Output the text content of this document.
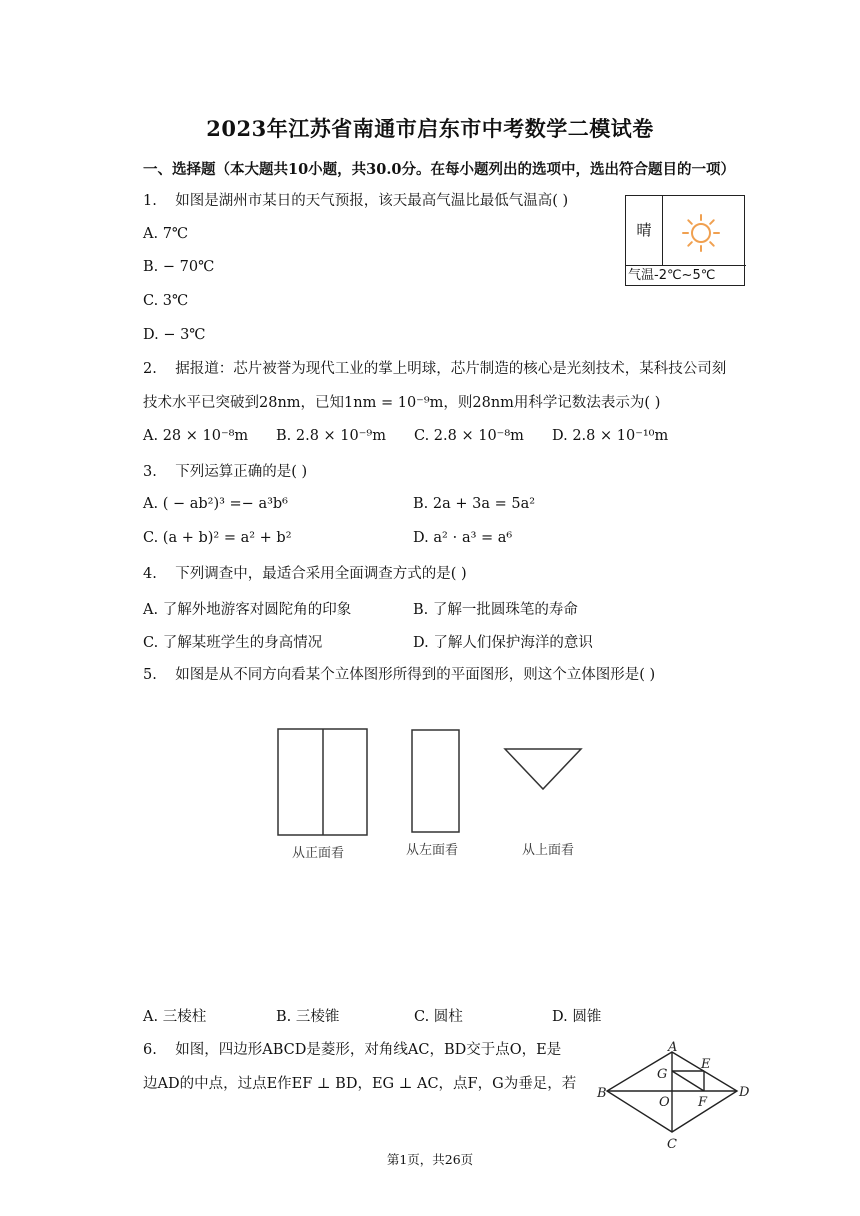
2023年江苏省南通市启东市中考数学二模试卷
一、选择题（本大题共10小题，共30.0分。在每小题列出的选项中，选出符合题目的一项）
1. 如图是湖州市某日的天气预报，该天最高气温比最低气温高( )
A. 7℃
B. − 70℃
C. 3℃
D. − 3℃
晴
气温-2℃~5℃
2. 据报道：芯片被誉为现代工业的掌上明球，芯片制造的核心是光刻技术，某科技公司刻
技术水平已突破到28nm，已知1nm = 10⁻⁹m，则28nm用科学记数法表示为( )
A. 28 × 10⁻⁸m B. 2.8 × 10⁻⁹m C. 2.8 × 10⁻⁸m D. 2.8 × 10⁻¹⁰m
3. 下列运算正确的是( )
A. ( − ab²)³ =− a³b⁶	B. 2a + 3a = 5a²
C. (a + b)² = a² + b²	D. a² ⋅ a³ = a⁶
4. 下列调查中，最适合采用全面调查方式的是( )
A. 了解外地游客对圆陀角的印象	B. 了解一批圆珠笔的寿命
C. 了解某班学生的身高情况	D. 了解人们保护海洋的意识
5. 如图是从不同方向看某个立体图形所得到的平面图形，则这个立体图形是( )
从正面看	从左面看	从上面看
A. 三棱柱	B. 三棱锥	C. 圆柱	D. 圆锥
6. 如图，四边形ABCD是菱形，对角线AC，BD交于点O，E是
边AD的中点，过点E作EF ⊥ BD，EG ⊥ AC，点F，G为垂足，若
A
B
C
D
E
F
G
O
第1页，共26页
